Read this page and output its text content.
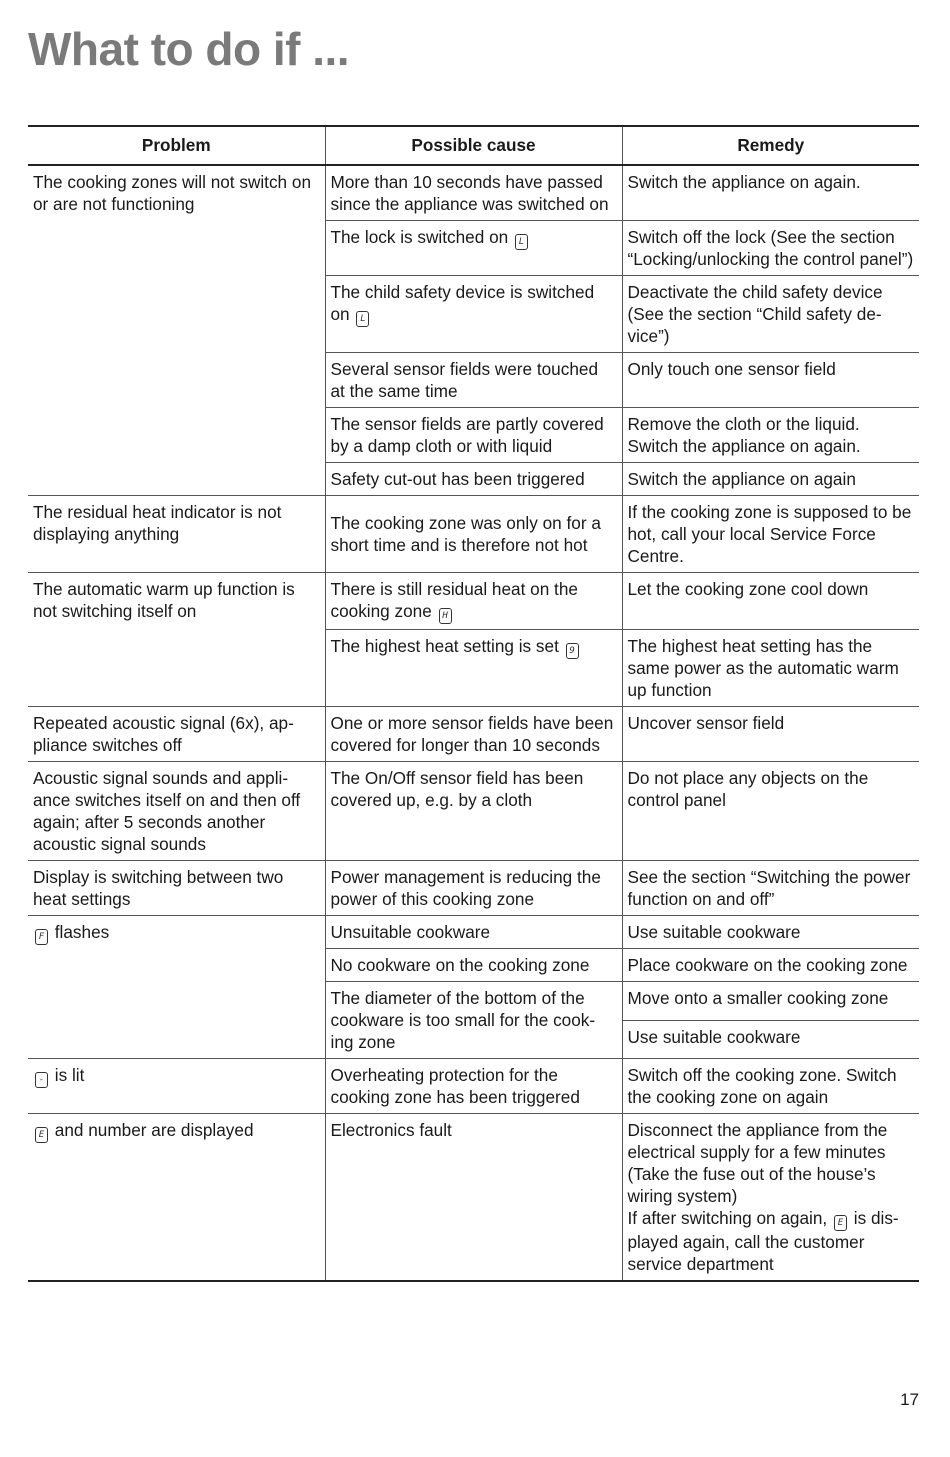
What to do if ...
Problem	Possible cause	Remedy
The cooking zones will not switch on or are not functioning	More than 10 seconds have passed since the appliance was switched on	Switch the appliance on again.
	The lock is switched on L	Switch off the lock (See the section “Locking/unlocking the control panel”)
	The child safety device is switched on L	Deactivate the child safety device (See the section “Child safety de-vice”)
	Several sensor fields were touched at the same time	Only touch one sensor field
	The sensor fields are partly covered by a damp cloth or with liquid	Remove the cloth or the liquid. Switch the appliance on again.
	Safety cut-out has been triggered	Switch the appliance on again
The residual heat indicator is not displaying anything	The cooking zone was only on for a short time and is therefore not hot	If the cooking zone is supposed to be hot, call your local Service Force Centre.
The automatic warm up function is not switching itself on	There is still residual heat on the cooking zone H	Let the cooking zone cool down
	The highest heat setting is set 9	The highest heat setting has the same power as the automatic warm up function
Repeated acoustic signal (6x), ap-pliance switches off	One or more sensor fields have been covered for longer than 10 seconds	Uncover sensor field
Acoustic signal sounds and appli-ance switches itself on and then off again; after 5 seconds another acoustic signal sounds	The On/Off sensor field has been covered up, e.g. by a cloth	Do not place any objects on the control panel
Display is switching between two heat settings	Power management is reducing the power of this cooking zone	See the section “Switching the power function on and off”
F flashes	Unsuitable cookware	Use suitable cookware
	No cookware on the cooking zone	Place cookware on the cooking zone
	The diameter of the bottom of the cookware is too small for the cook-ing zone	Move onto a smaller cooking zone
		Use suitable cookware
- is lit	Overheating protection for the cooking zone has been triggered	Switch off the cooking zone. Switch the cooking zone on again
E and number are displayed	Electronics fault	Disconnect the appliance from the electrical supply for a few minutes (Take the fuse out of the house’s wiring system)
If after switching on again, E is dis-played again, call the customer service department
17
